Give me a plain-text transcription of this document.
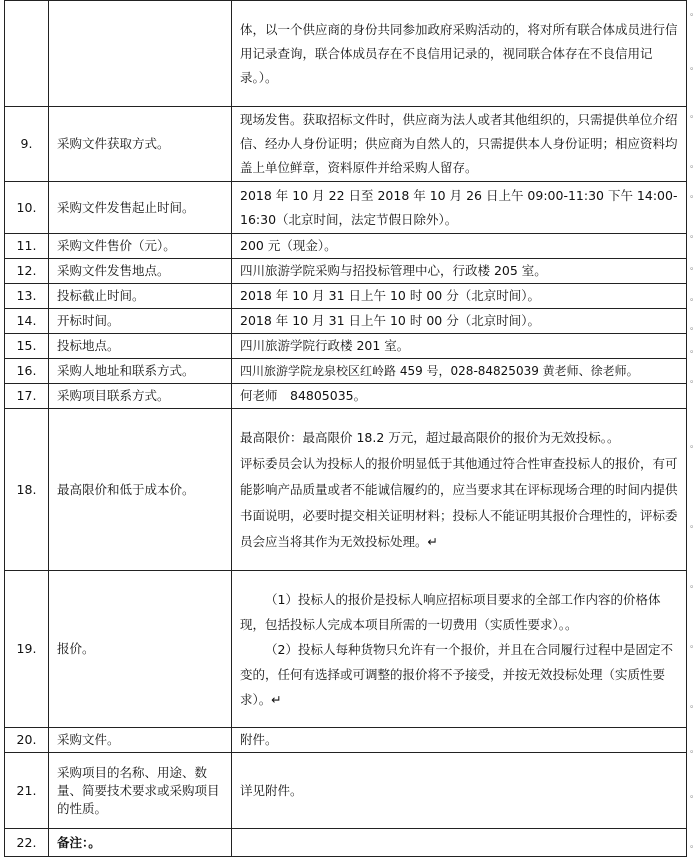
		体，以一个供应商的身份共同参加政府采购活动的，将对所有联合体成员进行信用记录查询，联合体成员存在不良信用记录的，视同联合体存在不良信用记录。）。

9.	采购文件获取方式。	现场发售。获取招标文件时，供应商为法人或者其他组织的，只需提供单位介绍信、经办人身份证明；供应商为自然人的，只需提供本人身份证明；相应资料均盖上单位鲜章，资料原件并给采购人留存。

10.	采购文件发售起止时间。	2018 年 10 月 22 日至 2018 年 10 月 26 日上午 09:00-11:30 下午 14:00-16:30（北京时间，法定节假日除外）。

11.	采购文件售价（元）。	200 元（现金）。
12.	采购文件发售地点。	四川旅游学院采购与招投标管理中心，行政楼 205 室。
13.	投标截止时间。	2018 年 10 月 31 日上午 10 时 00 分（北京时间）。
14.	开标时间。	2018 年 10 月 31 日上午 10 时 00 分（北京时间）。
15.	投标地点。	四川旅游学院行政楼 201 室。
16.	采购人地址和联系方式。	四川旅游学院龙泉校区红岭路 459 号，028-84825039 黄老师、徐老师。
17.	采购项目联系方式。	何老师　84805035。
18.	最高限价和低于成本价。	最高限价：最高限价 18.2 万元，超过最高限价的报价为无效投标。。
评标委员会认为投标人的报价明显低于其他通过符合性审查投标人的报价，有可能影响产品质量或者不能诚信履约的，应当要求其在评标现场合理的时间内提供书面说明，必要时提交相关证明材料；投标人不能证明其报价合理性的，评标委员会应当将其作为无效投标处理。↵

19.	报价。	（1）投标人的报价是投标人响应招标项目要求的全部工作内容的价格体现，包括投标人完成本项目所需的一切费用（实质性要求）。。
（2）投标人每种货物只允许有一个报价，并且在合同履行过程中是固定不变的，任何有选择或可调整的报价将不予接受，并按无效投标处理（实质性要求）。↵

20.	采购文件。	附件。
21.	采购项目的名称、用途、数量、简要技术要求或采购项目的性质。	详见附件。
22.	备注：。	
。
。
。
。
。
。
。
。
。
。
。
。
。
。
。
。
。
。
。
